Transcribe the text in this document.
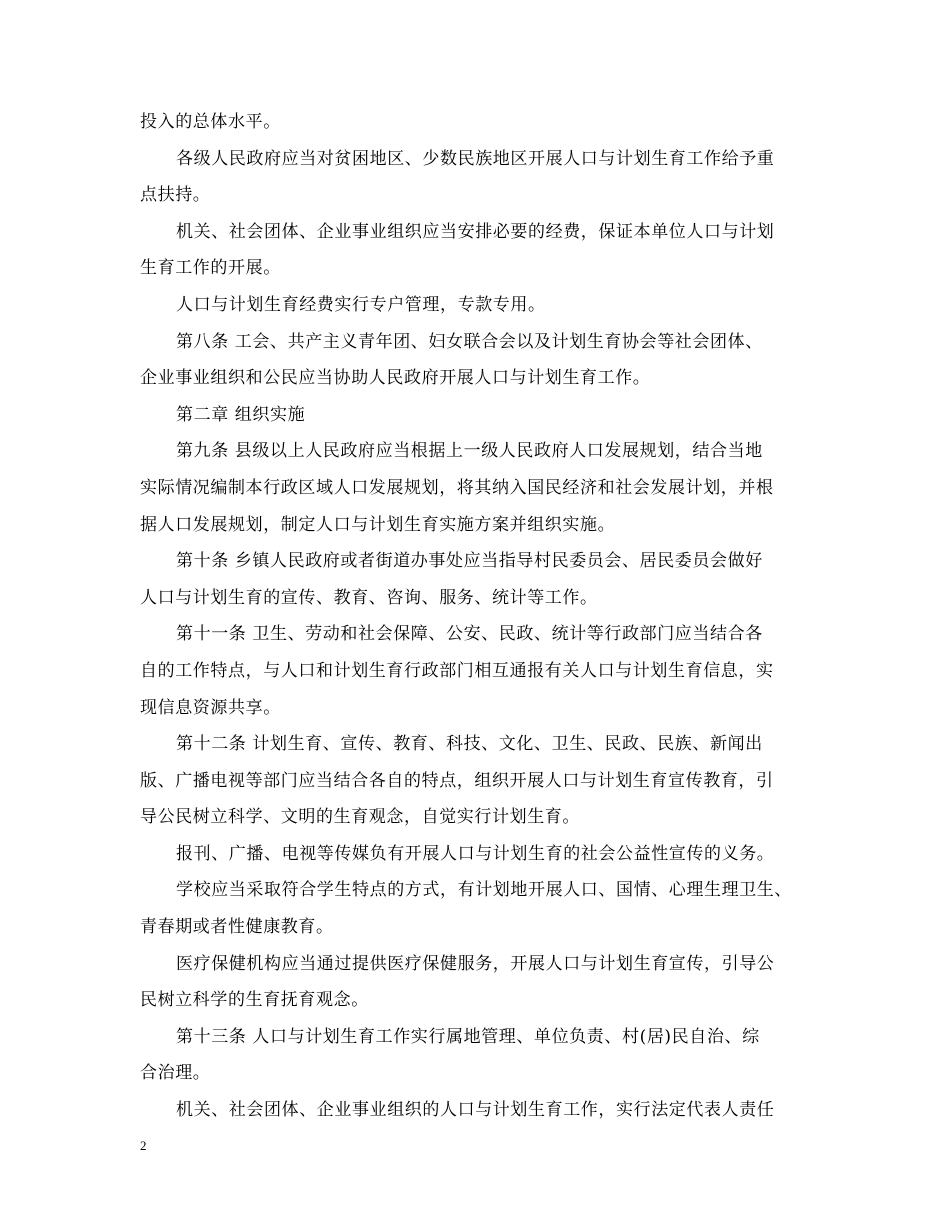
投入的总体水平。
各级人民政府应当对贫困地区、少数民族地区开展人口与计划生育工作给予重
点扶持。
机关、社会团体、企业事业组织应当安排必要的经费，保证本单位人口与计划
生育工作的开展。
人口与计划生育经费实行专户管理，专款专用。
第八条 工会、共产主义青年团、妇女联合会以及计划生育协会等社会团体、
企业事业组织和公民应当协助人民政府开展人口与计划生育工作。
第二章 组织实施
第九条 县级以上人民政府应当根据上一级人民政府人口发展规划，结合当地
实际情况编制本行政区域人口发展规划，将其纳入国民经济和社会发展计划，并根
据人口发展规划，制定人口与计划生育实施方案并组织实施。
第十条 乡镇人民政府或者街道办事处应当指导村民委员会、居民委员会做好
人口与计划生育的宣传、教育、咨询、服务、统计等工作。
第十一条 卫生、劳动和社会保障、公安、民政、统计等行政部门应当结合各
自的工作特点，与人口和计划生育行政部门相互通报有关人口与计划生育信息，实
现信息资源共享。
第十二条 计划生育、宣传、教育、科技、文化、卫生、民政、民族、新闻出
版、广播电视等部门应当结合各自的特点，组织开展人口与计划生育宣传教育，引
导公民树立科学、文明的生育观念，自觉实行计划生育。
报刊、广播、电视等传媒负有开展人口与计划生育的社会公益性宣传的义务。
学校应当采取符合学生特点的方式，有计划地开展人口、国情、心理生理卫生、
青春期或者性健康教育。
医疗保健机构应当通过提供医疗保健服务，开展人口与计划生育宣传，引导公
民树立科学的生育抚育观念。
第十三条 人口与计划生育工作实行属地管理、单位负责、村(居)民自治、综
合治理。
机关、社会团体、企业事业组织的人口与计划生育工作，实行法定代表人责任
2
